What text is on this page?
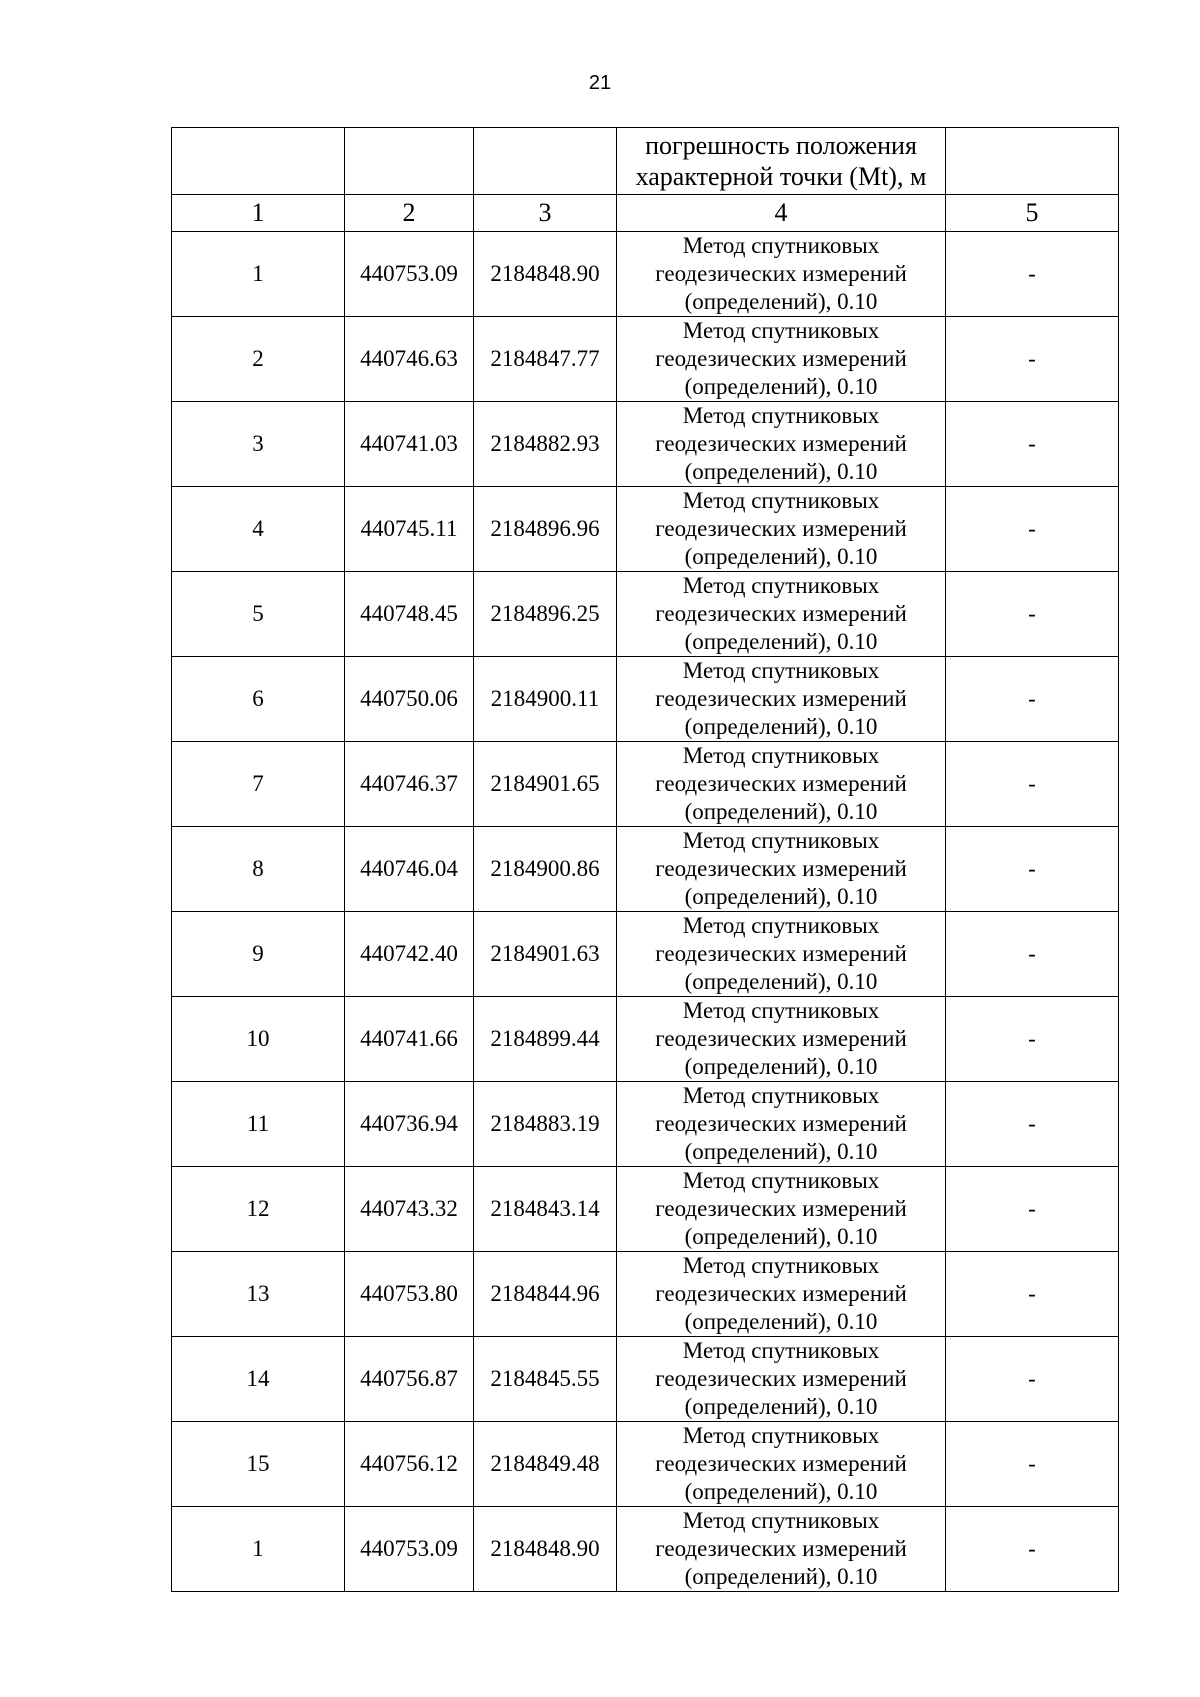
21

			погрешность положения
характерной точки (Mt), м	

1	2	3	4	5
1	440753.09	2184848.90	Метод спутниковых
геодезических измерений
(определений), 0.10	-
2	440746.63	2184847.77	Метод спутниковых
геодезических измерений
(определений), 0.10	-
3	440741.03	2184882.93	Метод спутниковых
геодезических измерений
(определений), 0.10	-
4	440745.11	2184896.96	Метод спутниковых
геодезических измерений
(определений), 0.10	-
5	440748.45	2184896.25	Метод спутниковых
геодезических измерений
(определений), 0.10	-
6	440750.06	2184900.11	Метод спутниковых
геодезических измерений
(определений), 0.10	-
7	440746.37	2184901.65	Метод спутниковых
геодезических измерений
(определений), 0.10	-
8	440746.04	2184900.86	Метод спутниковых
геодезических измерений
(определений), 0.10	-
9	440742.40	2184901.63	Метод спутниковых
геодезических измерений
(определений), 0.10	-
10	440741.66	2184899.44	Метод спутниковых
геодезических измерений
(определений), 0.10	-
11	440736.94	2184883.19	Метод спутниковых
геодезических измерений
(определений), 0.10	-
12	440743.32	2184843.14	Метод спутниковых
геодезических измерений
(определений), 0.10	-
13	440753.80	2184844.96	Метод спутниковых
геодезических измерений
(определений), 0.10	-
14	440756.87	2184845.55	Метод спутниковых
геодезических измерений
(определений), 0.10	-
15	440756.12	2184849.48	Метод спутниковых
геодезических измерений
(определений), 0.10	-
1	440753.09	2184848.90	Метод спутниковых
геодезических измерений
(определений), 0.10	-
